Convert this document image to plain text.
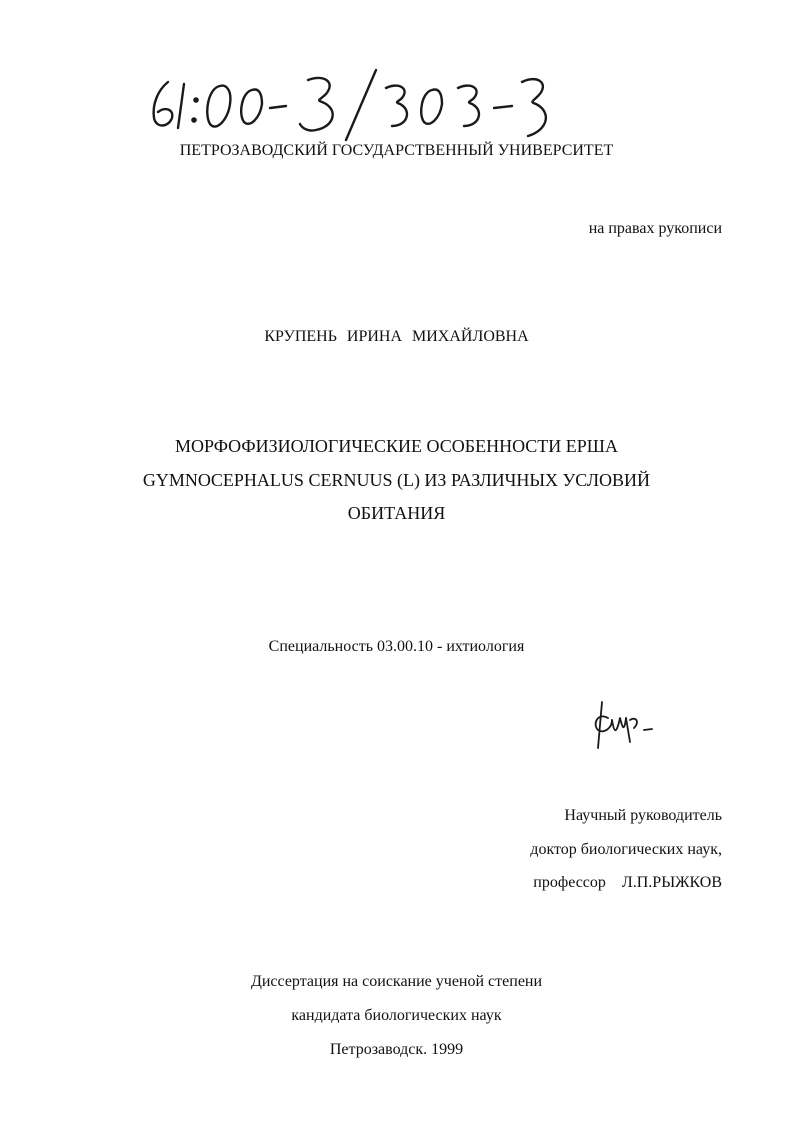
ПЕТРОЗАВОДСКИЙ ГОСУДАРСТВЕННЫЙ УНИВЕРСИТЕТ
на правах рукописи
КРУПЕНЬ ИРИНА МИХАЙЛОВНА
МОРФОФИЗИОЛОГИЧЕСКИЕ ОСОБЕННОСТИ ЕРША
GYMNOCEPHALUS CERNUUS (L) ИЗ РАЗЛИЧНЫХ УСЛОВИЙ
ОБИТАНИЯ
Специальность 03.00.10 - ихтиология
Научный руководитель
доктор биологических наук,
профессор    Л.П.РЫЖКОВ
Диссертация на соискание ученой степени
кандидата биологических наук
Петрозаводск. 1999
